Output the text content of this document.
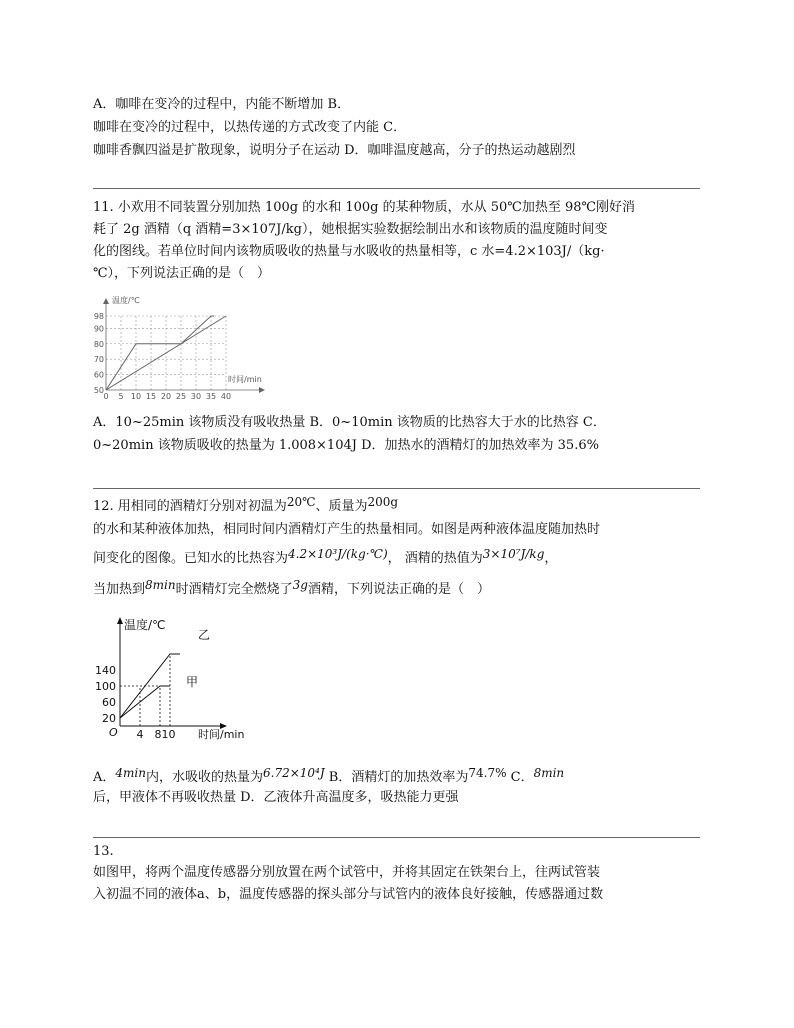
A．咖啡在变冷的过程中，内能不断增加 B．
咖啡在变冷的过程中，以热传递的方式改变了内能 C．
咖啡香飘四溢是扩散现象，说明分子在运动 D．咖啡温度越高，分子的热运动越剧烈
11. 小欢用不同装置分别加热 100g 的水和 100g 的某种物质，水从 50℃加热至 98℃刚好消
耗了 2g 酒精（q 酒精=3×107J/kg），她根据实验数据绘制出水和该物质的温度随时间变
化的图线。若单位时间内该物质吸收的热量与水吸收的热量相等，c 水=4.2×103J/（kg·
℃），下列说法正确的是（　）
温度/℃
50
60
70
80
90
98
0 5 10 15 20 25 30 35 40
时间/min
A．10~25min 该物质没有吸收热量 B．0~10min 该物质的比热容大于水的比热容 C．
0~20min 该物质吸收的热量为 1.008×104J D．加热水的酒精灯的加热效率为 35.6%
12. 用相同的酒精灯分别对初温为20℃、质量为200g
的水和某种液体加热，相同时间内酒精灯产生的热量相同。如图是两种液体温度随加热时
间变化的图像。已知水的比热容为4.2×10³J/(kg·℃)， 酒精的热值为3×10⁷J/kg，
当加热到8min时酒精灯完全燃烧了3g酒精，下列说法正确的是（　）
温度/℃
时间/min
O
20
60
100
140
4 810
乙
甲
A．4min内，水吸收的热量为6.72×10⁴J B．酒精灯的加热效率为74.7% C．8min
后，甲液体不再吸收热量 D．乙液体升高温度多，吸热能力更强
13.
如图甲，将两个温度传感器分别放置在两个试管中，并将其固定在铁架台上，往两试管装
入初温不同的液体a、b，温度传感器的探头部分与试管内的液体良好接触，传感器通过数
